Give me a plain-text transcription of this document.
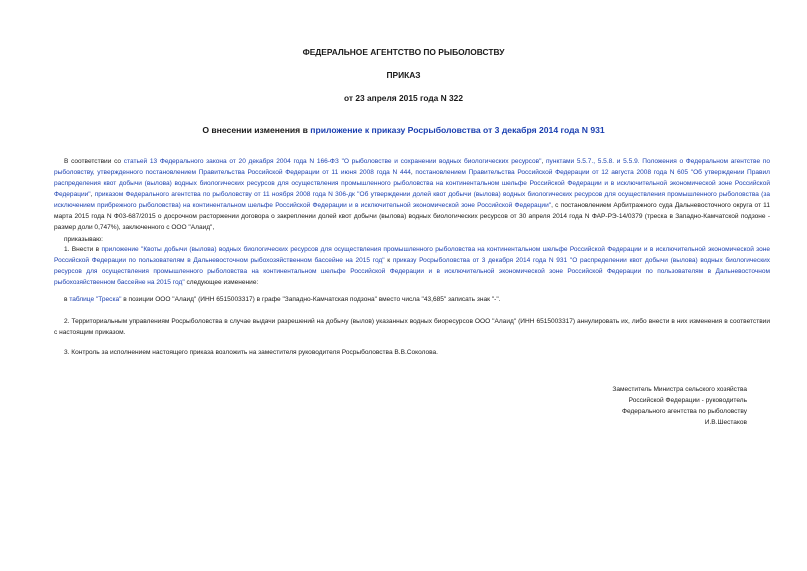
ФЕДЕРАЛЬНОЕ АГЕНТСТВО ПО РЫБОЛОВСТВУ
ПРИКАЗ
от 23 апреля 2015 года N 322
О внесении изменения в приложение к приказу Росрыболовства от 3 декабря 2014 года N 931

В соответствии со статьей 13 Федерального закона от 20 декабря 2004 года N 166-ФЗ "О рыболовстве и сохранении водных биологических ресурсов", пунктами 5.5.7., 5.5.8. и 5.5.9. Положения о Федеральном агентстве по рыболовству, утвержденного постановлением Правительства Российской Федерации от 11 июня 2008 года N 444, постановлением Правительства Российской Федерации от 12 августа 2008 года N 605 "Об утверждении Правил распределения квот добычи (вылова) водных биологических ресурсов для осуществления промышленного рыболовства на континентальном шельфе Российской Федерации и в исключительной экономической зоне Российской Федерации", приказом Федерального агентства по рыболовству от 11 ноября 2008 года N 306-дк "Об утверждении долей квот добычи (вылова) водных биологических ресурсов для осуществления промышленного рыболовства (за исключением прибрежного рыболовства) на континентальном шельфе Российской Федерации и в исключительной экономической зоне Российской Федерации", с постановлением Арбитражного суда Дальневосточного округа от 11 марта 2015 года N Ф03-687/2015 о досрочном расторжении договора о закреплении долей квот добычи (вылова) водных биологических ресурсов от 30 апреля 2014 года N ФАР-РЭ-14/0379 (треска в Западно-Камчатской подзоне - размер доли 0,747%), заключенного с ООО "Алаид",

приказываю:

1. Внести в приложение "Квоты добычи (вылова) водных биологических ресурсов для осуществления промышленного рыболовства на континентальном шельфе Российской Федерации и в исключительной экономической зоне Российской Федерации по пользователям в Дальневосточном рыбохозяйственном бассейне на 2015 год" к приказу Росрыболовства от 3 декабря 2014 года N 931 "О распределении квот добычи (вылова) водных биологических ресурсов для осуществления промышленного рыболовства на континентальном шельфе Российской Федерации и в исключительной экономической зоне Российской Федерации по пользователям в Дальневосточном рыбохозяйственном бассейне на 2015 год" следующее изменение:

в таблице "Треска" в позиции ООО "Алаид" (ИНН 6515003317) в графе "Западно-Камчатская подзона" вместо числа "43,685" записать знак "-".

2. Территориальным управлениям Росрыболовства в случае выдачи разрешений на добычу (вылов) указанных водных биоресурсов ООО "Алаид" (ИНН 6515003317) аннулировать их, либо внести в них изменения в соответствии с настоящим приказом.

3. Контроль за исполнением настоящего приказа возложить на заместителя руководителя Росрыболовства В.В.Соколова.

Заместитель Министра сельского хозяйства
Российской Федерации - руководитель
Федерального агентства по рыболовству
И.В.Шестаков
